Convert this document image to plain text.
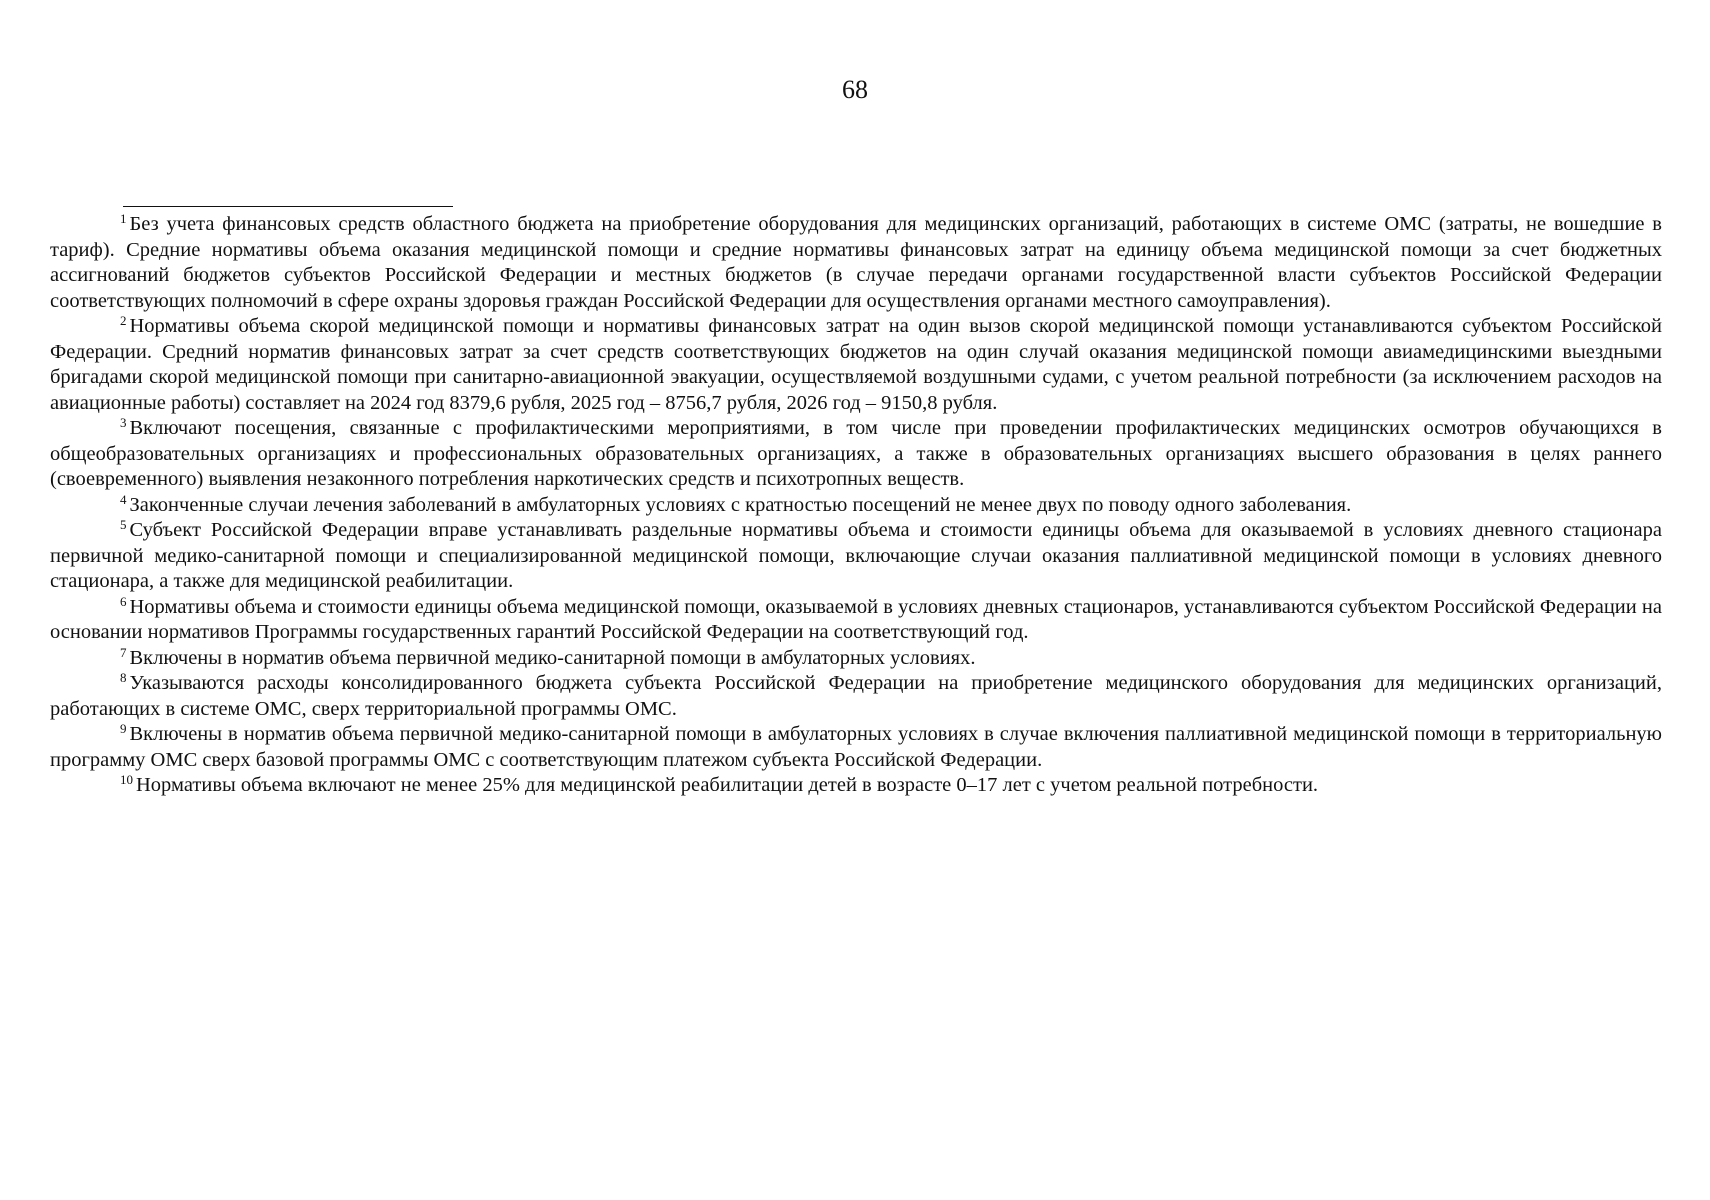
68

$^1$ Без учета финансовых средств областного бюджета на приобретение оборудования для медицинских организаций, работающих в системе ОМС (затраты, не вошедшие в тариф). Средние нормативы объема оказания медицинской помощи и средние нормативы финансовых затрат на единицу объема медицинской помощи за счет бюджетных ассигнований бюджетов субъектов Российской Федерации и местных бюджетов (в случае передачи органами государственной власти субъектов Российской Федерации соответствующих полномочий в сфере охраны здоровья граждан Российской Федерации для осуществления органами местного самоуправления).

$^2$ Нормативы объема скорой медицинской помощи и нормативы финансовых затрат на один вызов скорой медицинской помощи устанавливаются субъектом Российской Федерации. Средний норматив финансовых затрат за счет средств соответствующих бюджетов на один случай оказания медицинской помощи авиамедицинскими выездными бригадами скорой медицинской помощи при санитарно-авиационной эвакуации, осуществляемой воздушными судами, с учетом реальной потребности (за исключением расходов на авиационные работы) составляет на 2024 год 8379,6 рубля, 2025 год – 8756,7 рубля, 2026 год – 9150,8 рубля.

$^3$ Включают посещения, связанные с профилактическими мероприятиями, в том числе при проведении профилактических медицинских осмотров обучающихся в общеобразовательных организациях и профессиональных образовательных организациях, а также в образовательных организациях высшего образования в целях раннего (своевременного) выявления незаконного потребления наркотических средств и психотропных веществ.

$^4$ Законченные случаи лечения заболеваний в амбулаторных условиях с кратностью посещений не менее двух по поводу одного заболевания.

$^5$ Субъект Российской Федерации вправе устанавливать раздельные нормативы объема и стоимости единицы объема для оказываемой в условиях дневного стационара первичной медико-санитарной помощи и специализированной медицинской помощи, включающие случаи оказания паллиативной медицинской помощи в условиях дневного стационара, а также для медицинской реабилитации.

$^6$ Нормативы объема и стоимости единицы объема медицинской помощи, оказываемой в условиях дневных стационаров, устанавливаются субъектом Российской Федерации на основании нормативов Программы государственных гарантий Российской Федерации на соответствующий год.

$^7$ Включены в норматив объема первичной медико-санитарной помощи в амбулаторных условиях.

$^8$ Указываются расходы консолидированного бюджета субъекта Российской Федерации на приобретение медицинского оборудования для медицинских организаций, работающих в системе ОМС, сверх территориальной программы ОМС.

$^9$ Включены в норматив объема первичной медико-санитарной помощи в амбулаторных условиях в случае включения паллиативной медицинской помощи в территориальную программу ОМС сверх базовой программы ОМС с соответствующим платежом субъекта Российской Федерации.

$^{10}$ Нормативы объема включают не менее 25% для медицинской реабилитации детей в возрасте 0–17 лет с учетом реальной потребности.
